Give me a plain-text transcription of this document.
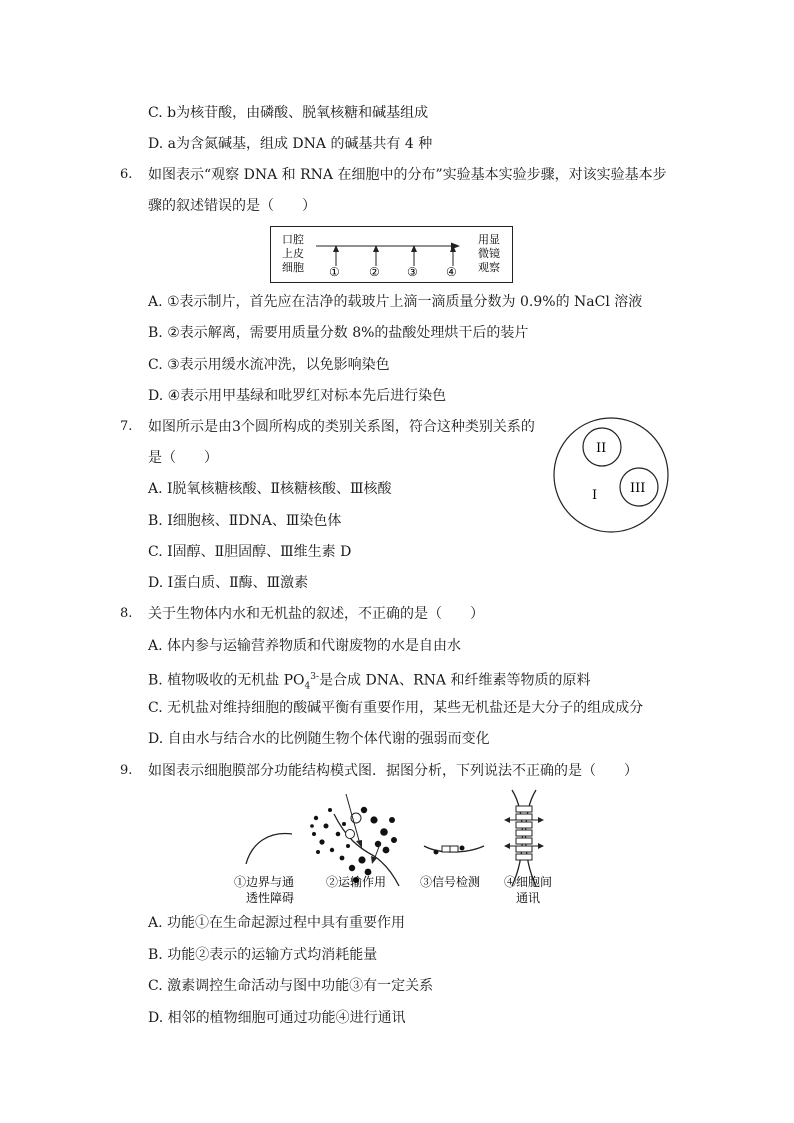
C. b为核苷酸，由磷酸、脱氧核糖和碱基组成
D. a为含氮碱基，组成 DNA 的碱基共有 4 种
6. 如图表示“观察 DNA 和 RNA 在细胞中的分布”实验基本实验步骤，对该实验基本步
骤的叙述错误的是（　　）
口腔
上皮
细胞
用显
微镜
观察
① ② ③ ④
A. ①表示制片，首先应在洁净的载玻片上滴一滴质量分数为 0.9%的 NaCl 溶液
B. ②表示解离，需要用质量分数 8%的盐酸处理烘干后的装片
C. ③表示用缓水流冲洗，以免影响染色
D. ④表示用甲基绿和吡罗红对标本先后进行染色
7. 如图所示是由3个圆所构成的类别关系图，符合这种类别关系的
是（　　）
II
III
I
A. Ⅰ脱氧核糖核酸、Ⅱ核糖核酸、Ⅲ核酸
B. Ⅰ细胞核、ⅡDNA、Ⅲ染色体
C. Ⅰ固醇、Ⅱ胆固醇、Ⅲ维生素 D
D. Ⅰ蛋白质、Ⅱ酶、Ⅲ激素
8. 关于生物体内水和无机盐的叙述，不正确的是（　　）
A. 体内参与运输营养物质和代谢废物的水是自由水
B. 植物吸收的无机盐 $PO_4^{3-}$是合成 DNA、RNA 和纤维素等物质的原料
C. 无机盐对维持细胞的酸碱平衡有重要作用，某些无机盐还是大分子的组成成分
D. 自由水与结合水的比例随生物个体代谢的强弱而变化
9. 如图表示细胞膜部分功能结构模式图．据图分析，下列说法不正确的是（　　）
①边界与通
透性障碍
②运输作用	③信号检测 ④细胞间
通讯
A. 功能①在生命起源过程中具有重要作用
B. 功能②表示的运输方式均消耗能量
C. 激素调控生命活动与图中功能③有一定关系
D. 相邻的植物细胞可通过功能④进行通讯
